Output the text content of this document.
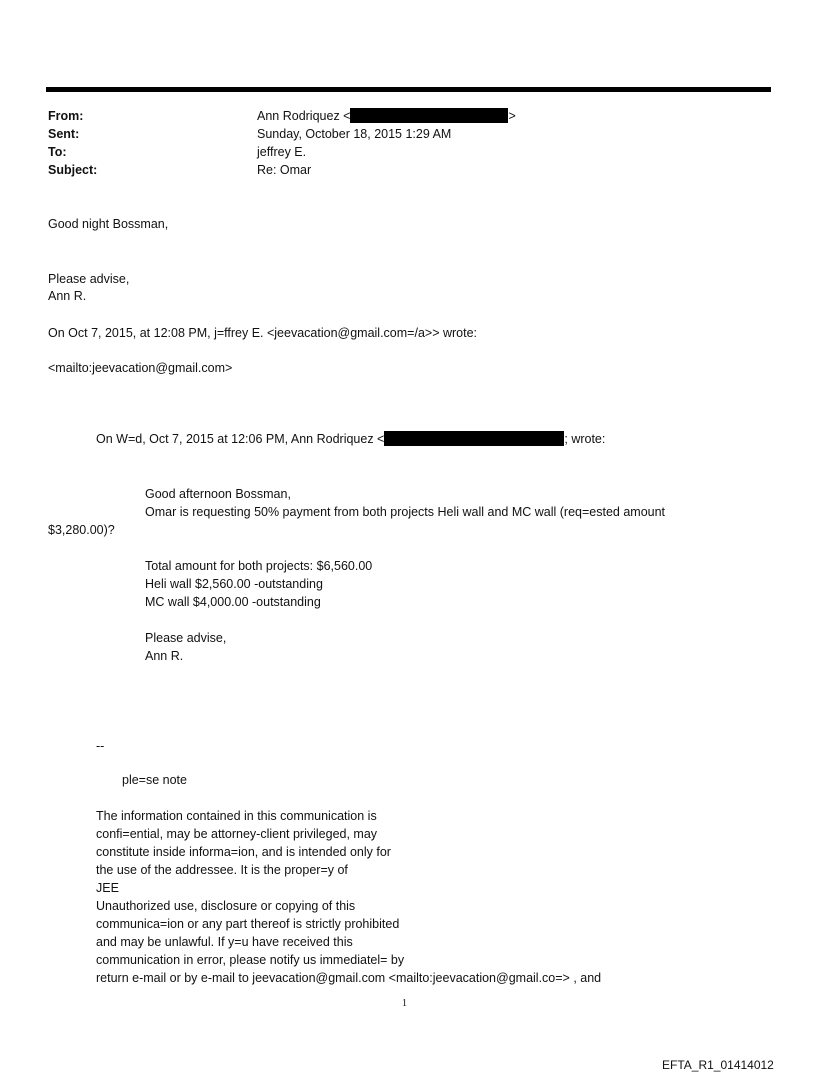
From:	Ann Rodriquez <	>
Sent:	Sunday, October 18, 2015 1:29 AM
To:	jeffrey E.
Subject:	Re: Omar
Good night Bossman,
Please advise,
Ann R.
On Oct 7, 2015, at 12:08 PM, j=ffrey E. <jeevacation@gmail.com=/a>> wrote:
<mailto:jeevacation@gmail.com>
On W=d, Oct 7, 2015 at 12:06 PM, Ann Rodriquez <	; wrote:
Good afternoon Bossman,
Omar is requesting 50% payment from both projects Heli wall and MC wall (req=ested amount
$3,280.00)?
Total amount for both projects: $6,560.00
Heli wall $2,560.00 -outstanding
MC wall $4,000.00 -outstanding
Please advise,
Ann R.
--
ple=se note
The information contained in this communication is
confi=ential, may be attorney-client privileged, may
constitute inside informa=ion, and is intended only for
the use of the addressee. It is the proper=y of
JEE
Unauthorized use, disclosure or copying of this
communica=ion or any part thereof is strictly prohibited
and may be unlawful. If y=u have received this
communication in error, please notify us immediatel= by
return e-mail or by e-mail to jeevacation@gmail.com <mailto:jeevacation@gmail.co=> , and
1
EFTA_R1_01414012
